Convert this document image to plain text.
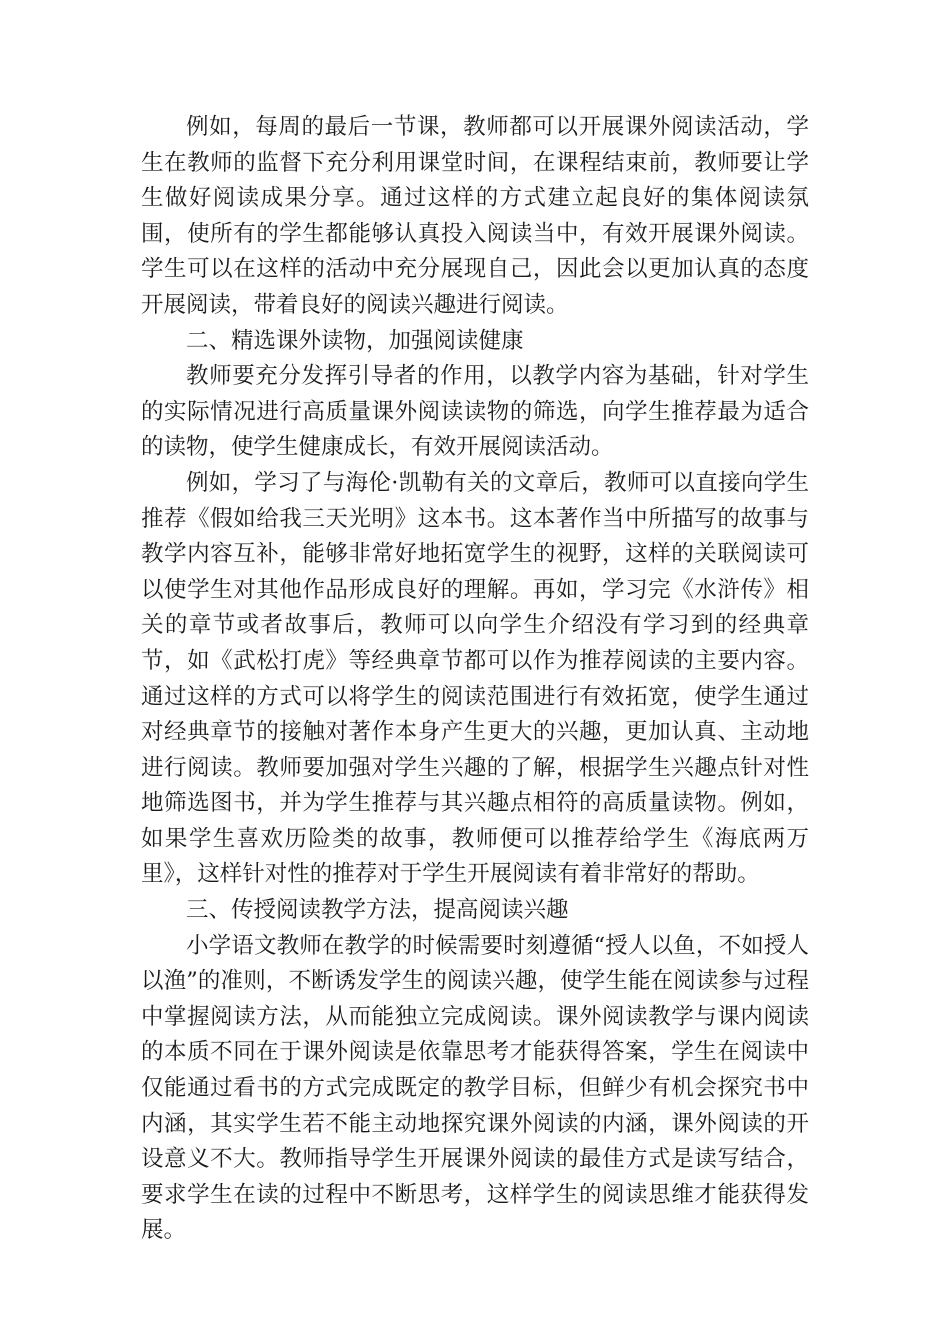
例如，每周的最后一节课，教师都可以开展课外阅读活动，学生在教师的监督下充分利用课堂时间，在课程结束前，教师要让学生做好阅读成果分享。通过这样的方式建立起良好的集体阅读氛围，使所有的学生都能够认真投入阅读当中，有效开展课外阅读。学生可以在这样的活动中充分展现自己，因此会以更加认真的态度开展阅读，带着良好的阅读兴趣进行阅读。

二、精选课外读物，加强阅读健康

教师要充分发挥引导者的作用，以教学内容为基础，针对学生的实际情况进行高质量课外阅读读物的筛选，向学生推荐最为适合的读物，使学生健康成长，有效开展阅读活动。

例如，学习了与海伦·凯勒有关的文章后，教师可以直接向学生推荐《假如给我三天光明》这本书。这本著作当中所描写的故事与教学内容互补，能够非常好地拓宽学生的视野，这样的关联阅读可以使学生对其他作品形成良好的理解。再如，学习完《水浒传》相关的章节或者故事后，教师可以向学生介绍没有学习到的经典章节，如《武松打虎》等经典章节都可以作为推荐阅读的主要内容。通过这样的方式可以将学生的阅读范围进行有效拓宽，使学生通过对经典章节的接触对著作本身产生更大的兴趣，更加认真、主动地进行阅读。教师要加强对学生兴趣的了解，根据学生兴趣点针对性地筛选图书，并为学生推荐与其兴趣点相符的高质量读物。例如，如果学生喜欢历险类的故事，教师便可以推荐给学生《海底两万里》，这样针对性的推荐对于学生开展阅读有着非常好的帮助。

三、传授阅读教学方法，提高阅读兴趣

小学语文教师在教学的时候需要时刻遵循“授人以鱼，不如授人以渔”的准则，不断诱发学生的阅读兴趣，使学生能在阅读参与过程中掌握阅读方法，从而能独立完成阅读。课外阅读教学与课内阅读的本质不同在于课外阅读是依靠思考才能获得答案，学生在阅读中仅能通过看书的方式完成既定的教学目标，但鲜少有机会探究书中内涵，其实学生若不能主动地探究课外阅读的内涵，课外阅读的开设意义不大。教师指导学生开展课外阅读的最佳方式是读写结合，要求学生在读的过程中不断思考，这样学生的阅读思维才能获得发展。
